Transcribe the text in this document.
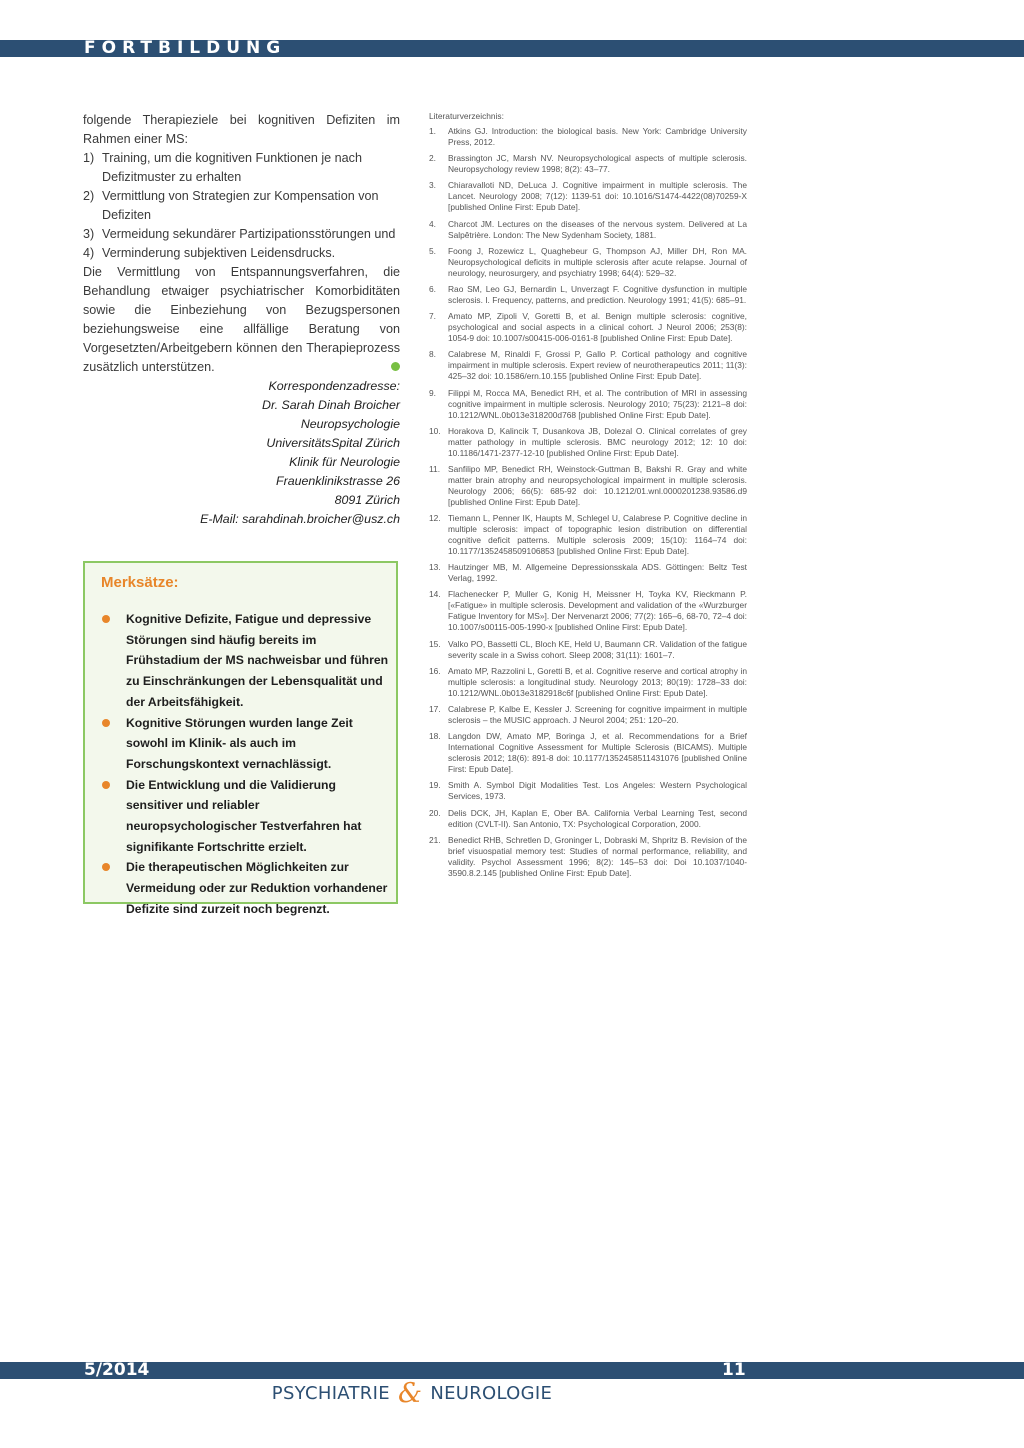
FORTBILDUNG

folgende Therapieziele bei kognitiven Defiziten im Rahmen einer MS:

1) Training, um die kognitiven Funktionen je nach Defizitmuster zu erhalten
2) Vermittlung von Strategien zur Kompensation von Defiziten
3) Vermeidung sekundärer Partizipationsstörungen und
4) Verminderung subjektiven Leidensdrucks.

Die Vermittlung von Entspannungsverfahren, die Behandlung etwaiger psychiatrischer Komorbiditäten sowie die Einbeziehung von Bezugspersonen beziehungsweise eine allfällige Beratung von Vorgesetzten/Arbeitgebern können den Therapieprozess zusätzlich unterstützen.

Korrespondenzadresse:
Dr. Sarah Dinah Broicher
Neuropsychologie
UniversitätsSpital Zürich
Klinik für Neurologie
Frauenklinikstrasse 26
8091 Zürich
E-Mail: sarahdinah.broicher@usz.ch
Merksätze:
Kognitive Defizite, Fatigue und depressive Störungen sind häufig bereits im Frühstadium der MS nachweisbar und führen zu Einschränkungen der Lebensqualität und der Arbeitsfähigkeit.
Kognitive Störungen wurden lange Zeit sowohl im Klinik- als auch im Forschungskontext vernachlässigt.
Die Entwicklung und die Validierung sensitiver und reliabler neuropsychologischer Testverfahren hat signifikante Fortschritte erzielt.
Die therapeutischen Möglichkeiten zur Vermeidung oder zur Reduktion vorhandener Defizite sind zurzeit noch begrenzt.
Literaturverzeichnis:
1. Atkins GJ. Introduction: the biological basis. New York: Cambridge University Press, 2012.
2. Brassington JC, Marsh NV. Neuropsychological aspects of multiple sclerosis. Neuropsychology review 1998; 8(2): 43–77.
3. Chiaravalloti ND, DeLuca J. Cognitive impairment in multiple sclerosis. The Lancet. Neurology 2008; 7(12): 1139-51 doi: 10.1016/S1474-4422(08)70259-X [published Online First: Epub Date].
4. Charcot JM. Lectures on the diseases of the nervous system. Delivered at La Salpêtrière. London: The New Sydenham Society, 1881.
5. Foong J, Rozewicz L, Quaghebeur G, Thompson AJ, Miller DH, Ron MA. Neuropsychological deficits in multiple sclerosis after acute relapse. Journal of neurology, neurosurgery, and psychiatry 1998; 64(4): 529–32.
6. Rao SM, Leo GJ, Bernardin L, Unverzagt F. Cognitive dysfunction in multiple sclerosis. I. Frequency, patterns, and prediction. Neurology 1991; 41(5): 685–91.
7. Amato MP, Zipoli V, Goretti B, et al. Benign multiple sclerosis: cognitive, psychological and social aspects in a clinical cohort. J Neurol 2006; 253(8): 1054-9 doi: 10.1007/s00415-006-0161-8 [published Online First: Epub Date].
8. Calabrese M, Rinaldi F, Grossi P, Gallo P. Cortical pathology and cognitive impairment in multiple sclerosis. Expert review of neurotherapeutics 2011; 11(3): 425–32 doi: 10.1586/ern.10.155 [published Online First: Epub Date].
9. Filippi M, Rocca MA, Benedict RH, et al. The contribution of MRI in assessing cognitive impairment in multiple sclerosis. Neurology 2010; 75(23): 2121–8 doi: 10.1212/WNL.0b013e318200d768 [published Online First: Epub Date].
10. Horakova D, Kalincik T, Dusankova JB, Dolezal O. Clinical correlates of grey matter pathology in multiple sclerosis. BMC neurology 2012; 12: 10 doi: 10.1186/1471-2377-12-10 [published Online First: Epub Date].
11. Sanfilipo MP, Benedict RH, Weinstock-Guttman B, Bakshi R. Gray and white matter brain atrophy and neuropsychological impairment in multiple sclerosis. Neurology 2006; 66(5): 685-92 doi: 10.1212/01.wnl.0000201238.93586.d9 [published Online First: Epub Date].
12. Tiemann L, Penner IK, Haupts M, Schlegel U, Calabrese P. Cognitive decline in multiple sclerosis: impact of topographic lesion distribution on differential cognitive deficit patterns. Multiple sclerosis 2009; 15(10): 1164–74 doi: 10.1177/1352458509106853 [published Online First: Epub Date].
13. Hautzinger MB, M. Allgemeine Depressionsskala ADS. Göttingen: Beltz Test Verlag, 1992.
14. Flachenecker P, Muller G, Konig H, Meissner H, Toyka KV, Rieckmann P. [«Fatigue» in multiple sclerosis. Development and validation of the «Wurzburger Fatigue Inventory for MS»]. Der Nervenarzt 2006; 77(2): 165–6, 68-70, 72–4 doi: 10.1007/s00115-005-1990-x [published Online First: Epub Date].
15. Valko PO, Bassetti CL, Bloch KE, Held U, Baumann CR. Validation of the fatigue severity scale in a Swiss cohort. Sleep 2008; 31(11): 1601–7.
16. Amato MP, Razzolini L, Goretti B, et al. Cognitive reserve and cortical atrophy in multiple sclerosis: a longitudinal study. Neurology 2013; 80(19): 1728–33 doi: 10.1212/WNL.0b013e3182918c6f [published Online First: Epub Date].
17. Calabrese P, Kalbe E, Kessler J. Screening for cognitive impairment in multiple sclerosis – the MUSIC approach. J Neurol 2004; 251: 120–20.
18. Langdon DW, Amato MP, Boringa J, et al. Recommendations for a Brief International Cognitive Assessment for Multiple Sclerosis (BICAMS). Multiple sclerosis 2012; 18(6): 891-8 doi: 10.1177/1352458511431076 [published Online First: Epub Date].
19. Smith A. Symbol Digit Modalities Test. Los Angeles: Western Psychological Services, 1973.
20. Delis DCK, JH, Kaplan E, Ober BA. California Verbal Learning Test, second edition (CVLT-II). San Antonio, TX: Psychological Corporation, 2000.
21. Benedict RHB, Schretlen D, Groninger L, Dobraski M, Shpritz B. Revision of the brief visuospatial memory test: Studies of normal performance, reliability, and validity. Psychol Assessment 1996; 8(2): 145–53 doi: Doi 10.1037/1040-3590.8.2.145 [published Online First: Epub Date].
5/2014	11
PSYCHIATRIE & NEUROLOGIE
